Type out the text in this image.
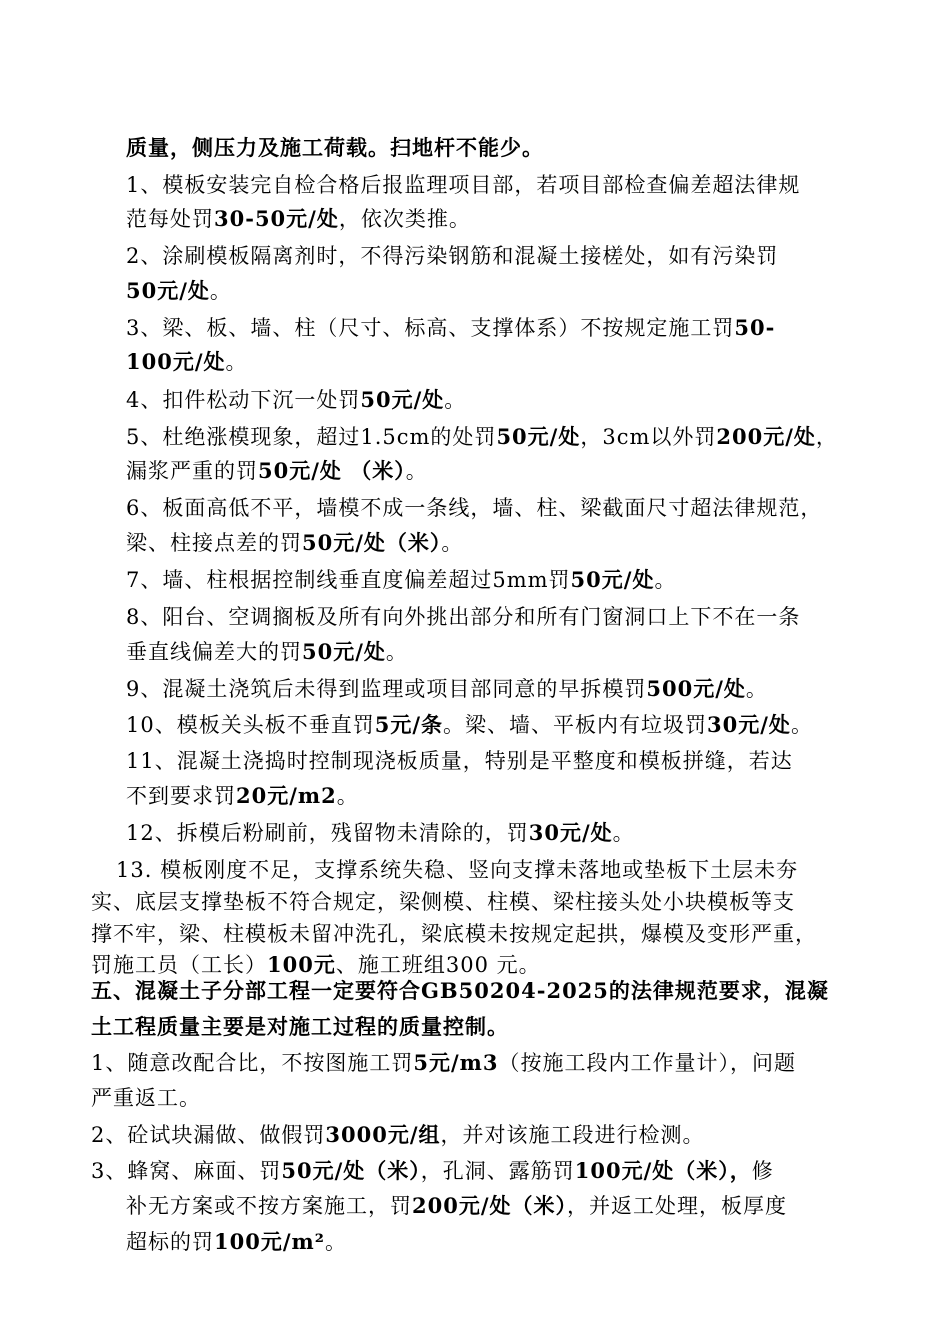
质量，侧压力及施工荷载。扫地杆不能少。
1、模板安装完自检合格后报监理项目部，若项目部检查偏差超法律规
范每处罚30-50元/处，依次类推。
2、涂刷模板隔离剂时，不得污染钢筋和混凝土接槎处，如有污染罚
50元/处。
3、梁、板、墙、柱（尺寸、标高、支撑体系）不按规定施工罚50-
100元/处。
4、扣件松动下沉一处罚50元/处。
5、杜绝涨模现象，超过1.5cm的处罚50元/处，3cm以外罚200元/处，
漏浆严重的罚50元/处 （米）。
6、板面高低不平，墙模不成一条线，墙、柱、梁截面尺寸超法律规范，
梁、柱接点差的罚50元/处（米）。
7、墙、柱根据控制线垂直度偏差超过5mm罚50元/处。
8、阳台、空调搁板及所有向外挑出部分和所有门窗洞口上下不在一条
垂直线偏差大的罚50元/处。
9、混凝土浇筑后未得到监理或项目部同意的早拆模罚500元/处。
10、模板关头板不垂直罚5元/条。梁、墙、平板内有垃圾罚30元/处。
11、混凝土浇捣时控制现浇板质量，特别是平整度和模板拼缝，若达
不到要求罚20元/m2。
12、拆模后粉刷前，残留物未清除的，罚30元/处。
13. 模板刚度不足，支撑系统失稳、竖向支撑未落地或垫板下土层未夯
实、底层支撑垫板不符合规定，梁侧模、柱模、梁柱接头处小块模板等支
撑不牢，梁、柱模板未留冲洗孔，梁底模未按规定起拱，爆模及变形严重，
罚施工员（工长）100元、施工班组300 元。
五、混凝土子分部工程一定要符合GB50204-2025的法律规范要求，混凝
土工程质量主要是对施工过程的质量控制。
1、随意改配合比，不按图施工罚5元/m3（按施工段内工作量计），问题
严重返工。
2、砼试块漏做、做假罚3000元/组，并对该施工段进行检测。
3、蜂窝、麻面、罚50元/处（米），孔洞、露筋罚100元/处（米），修
补无方案或不按方案施工，罚200元/处（米），并返工处理，板厚度
超标的罚100元/m²。
